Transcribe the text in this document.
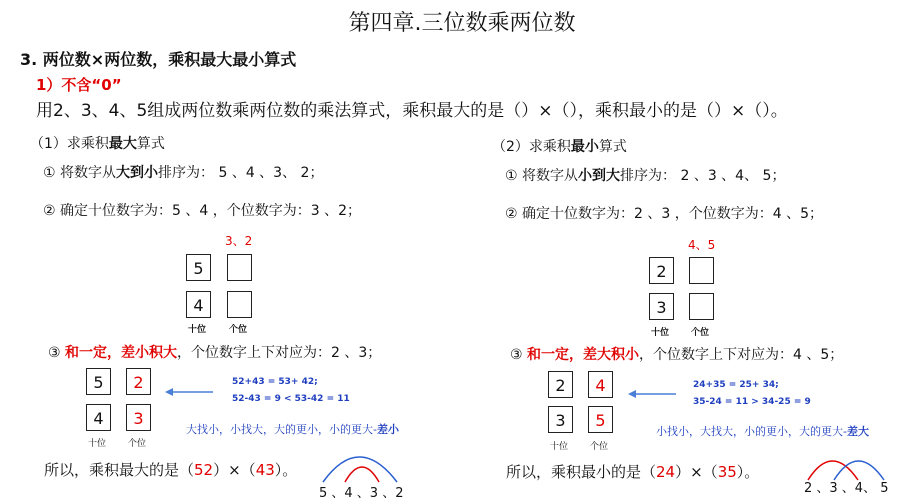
第四章.三位数乘两位数
3. 两位数×两位数，乘积最大最小算式
1）不含“0”
用2、3、4、5组成两位数乘两位数的乘法算式，乘积最大的是（）×（），乘积最小的是（）×（）。
（1）求乘积最大算式
① 将数字从大到小排序为： 5 、4 、3、 2；
② 确定十位数字为：5 、4 ，个位数字为：3 、2；
3、2
5
4
十位	个位
③ 和一定，差小积大，个位数字上下对应为：2 、3；
5	2
4	3
十位 个位
52+43 = 53+ 42;
52-43 = 9 < 53-42 = 11
大找小，小找大，大的更小，小的更大-差小
所以，乘积最大的是（52）×（43）。
5 、4 、3 、2
（2）求乘积最小算式
① 将数字从小到大排序为： 2 、3 、4、 5；
② 确定十位数字为：2 、3 ，个位数字为：4 、5；
4、5
2
3
十位 个位
③ 和一定，差大积小，个位数字上下对应为：4 、5；
2	4
3	5
十位 个位
24+35 = 25+ 34;
35-24 = 11 > 34-25 = 9
小找小，大找大，小的更小，大的更大-差大
所以，乘积最小的是（24）×（35）。
2 、3 、4、 5
